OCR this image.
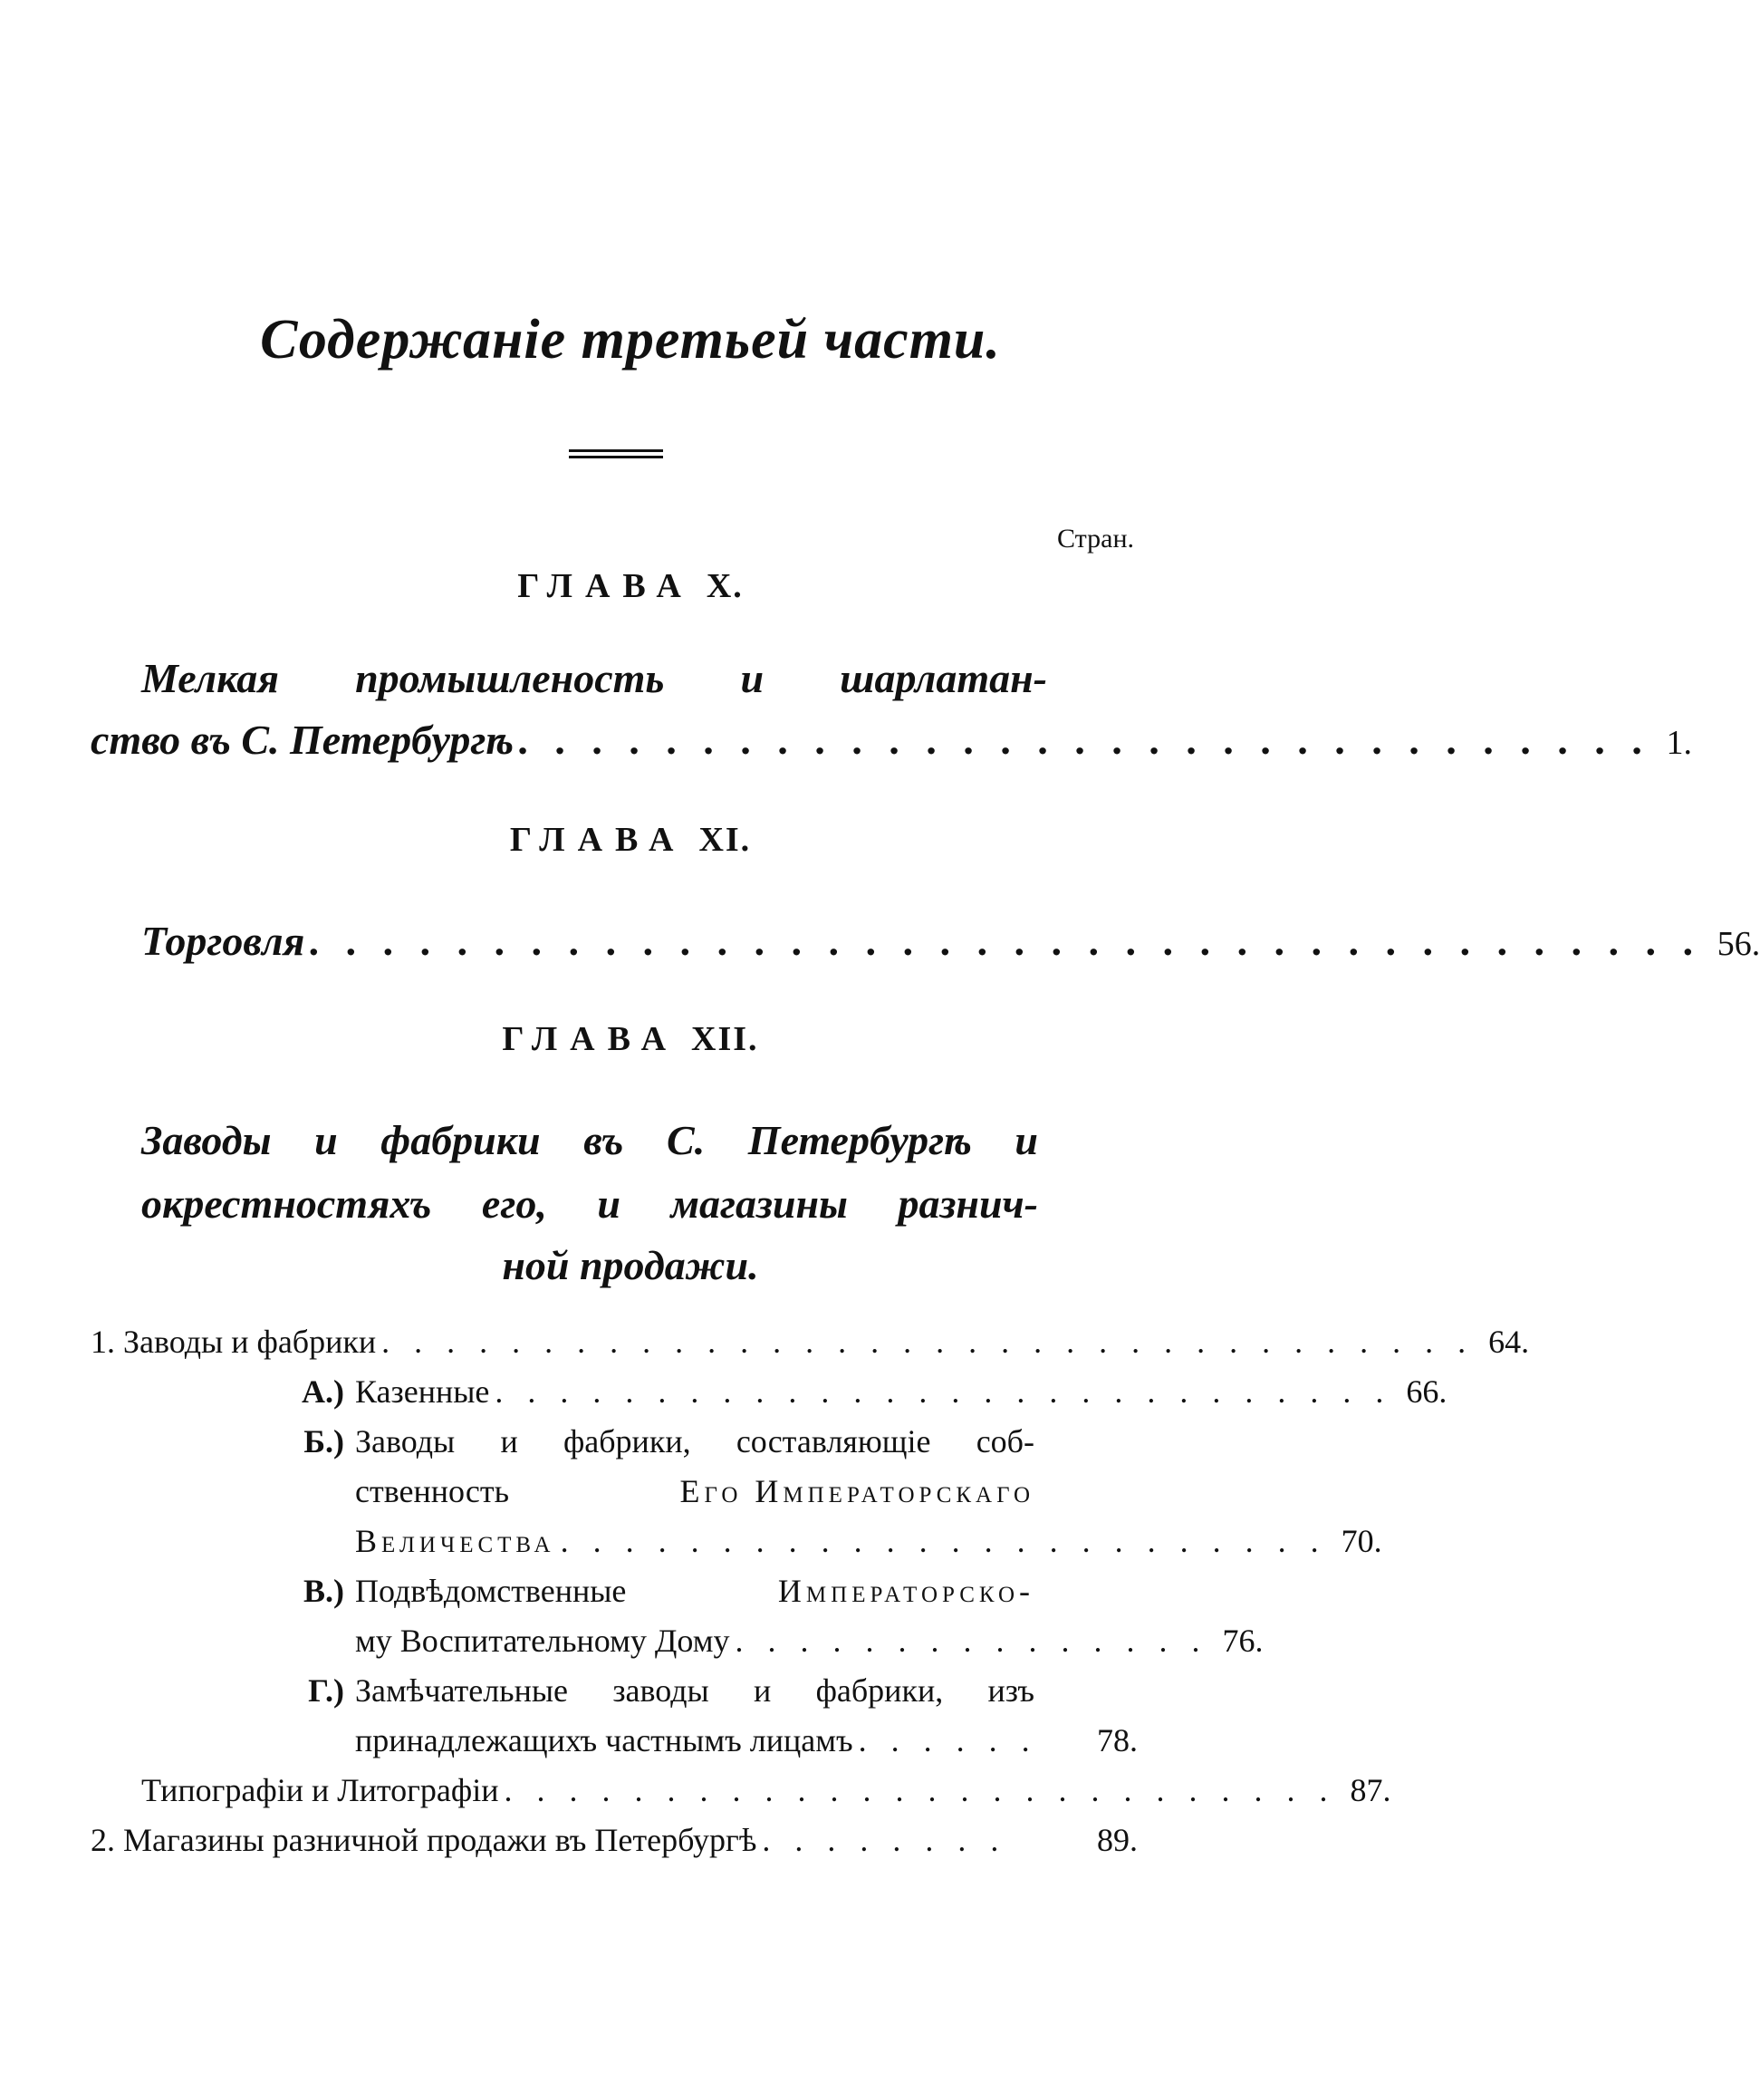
Содержаніе третьей части.
Стран.
ГЛАВА X.
Мелкая промышленость и шарлатан-
ство въ С. Петербургѣ . . . . . . . . . . . . . . . . . . . . . . . . . . . . . . . 1.
ГЛАВА XI.
Торговля . . . . . . . . . . . . . . . . . . . . . . . . . . . . . . . . . . . . . . 56.
ГЛАВА XII.
Заводы и фабрики въ С. Петербургѣ и
окрестностяхъ его, и магазины разнич-
ной продажи.
1. Заводы и фабрики . . . . . . . . . . . . . . . . . . . . . . . . . . . . . . . . . . 64.
А.) Казенные . . . . . . . . . . . . . . . . . . . . . . . . . . . . 66.
Б.) Заводы и фабрики, составляющіе соб-
ственность	Его Императорскаго
Величества . . . . . . . . . . . . . . . . . . . . . . . . 70.
В.) Подвѣдомственные	Императорско-
му Воспитательному Дому . . . . . . . . . . . . . . . 76.
Г.) Замѣчательные заводы и фабрики, изъ
принадлежащихъ частнымъ лицамъ . . . . . .	78.
Типографіи и Литографіи . . . . . . . . . . . . . . . . . . . . . . . . . . 87.
2. Магазины разничной продажи въ Петербургѣ . . . . . . . .	89.
